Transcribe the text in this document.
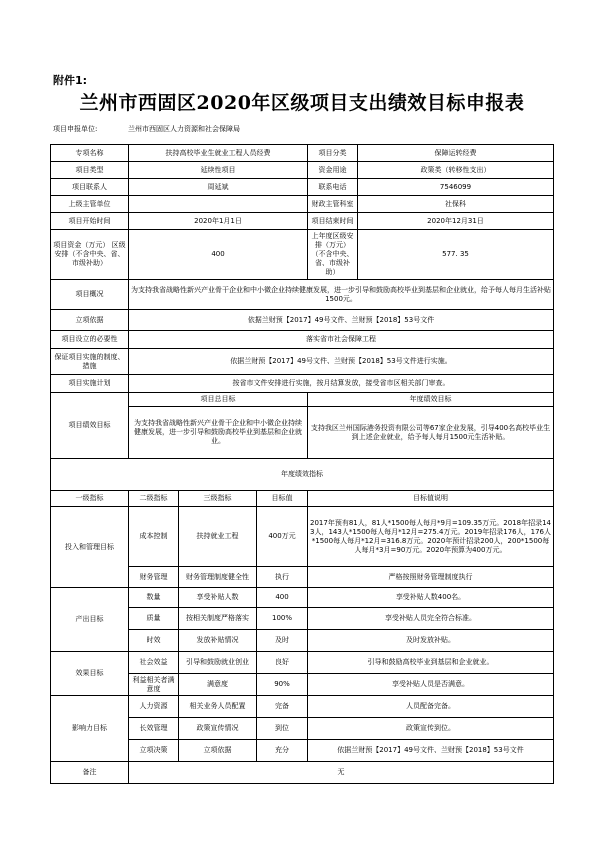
附件1:
兰州市西固区2020年区级项目支出绩效目标申报表
项目申报单位:	兰州市西固区人力资源和社会保障局
专项名称	扶持高校毕业生就业工程人员经费			项目分类	保障运转经费
项目类型	延续性项目			资金用途	政策类（转移性支出）
项目联系人	周延斌			联系电话	7546099
上级主管单位				财政主管科室	社保科
项目开始时间	2020年1月1日			项目结束时间	2020年12月31日
项目资金（万元） 区级安排（不含中央、省、市级补助）	400			上年度区级安排（万元）（不含中央、省、市级补助）	577. 35
项目概况	为支持我省战略性新兴产业骨干企业和中小微企业持续健康发展，进一步引导和鼓励高校毕业到基层和企业就业，给予每人每月生活补贴1500元。				
立项依据	依据兰财预【2017】49号文件、兰财预【2018】53号文件				
项目设立的必要性	落实省市社会保障工程				
保证项目实施的制度、措施	依据兰财预【2017】49号文件、兰财预【2018】53号文件进行实施。				
项目实施计划	按省市文件安排进行实施，按月结算发放，接受省市区相关部门审查。				
项目绩效目标	项目总目标			年度绩效目标	
	为支持我省战略性新兴产业骨干企业和中小微企业持续健康发展，进一步引导和鼓励高校毕业到基层和企业就业。			支持我区兰州国际港务投资有限公司等67家企业发展，引导400名高校毕业生到上述企业就业，给予每人每月1500元生活补贴。	
年度绩效指标					
一级指标	二级指标	三级指标	目标值	目标值说明	
投入和管理目标	成本控制	扶持就业工程	400万元	2017年预有81人，81人*1500每人每月*9月=109.35万元。2018年招录143人，143人*1500每人每月*12月=275.4万元。2019年招录176人，176人*1500每人每月*12月=316.8万元。2020年预计招录200人，200*1500每人每月*3月=90万元。2020年预算为400万元。	
	财务管理	财务管理制度健全性	执行	严格按照财务管理制度执行	
产出目标	数量	享受补贴人数	400	享受补贴人数400名。	
	质量	按相关制度严格落实	100%	享受补贴人员完全符合标准。	
	时效	发放补贴情况	及时	及时发放补贴。	
效果目标	社会效益	引导和鼓励就业创业	良好	引导和鼓励高校毕业到基层和企业就业。	
	利益相关者满意度	满意度	90%	享受补贴人员是否满意。	
影响力目标	人力资源	相关业务人员配置	完备	人员配备完备。	
	长效管理	政策宣传情况	到位	政策宣传到位。	
	立项决策	立项依据	充分	依据兰财预【2017】49号文件、兰财预【2018】53号文件	
备注	无				
